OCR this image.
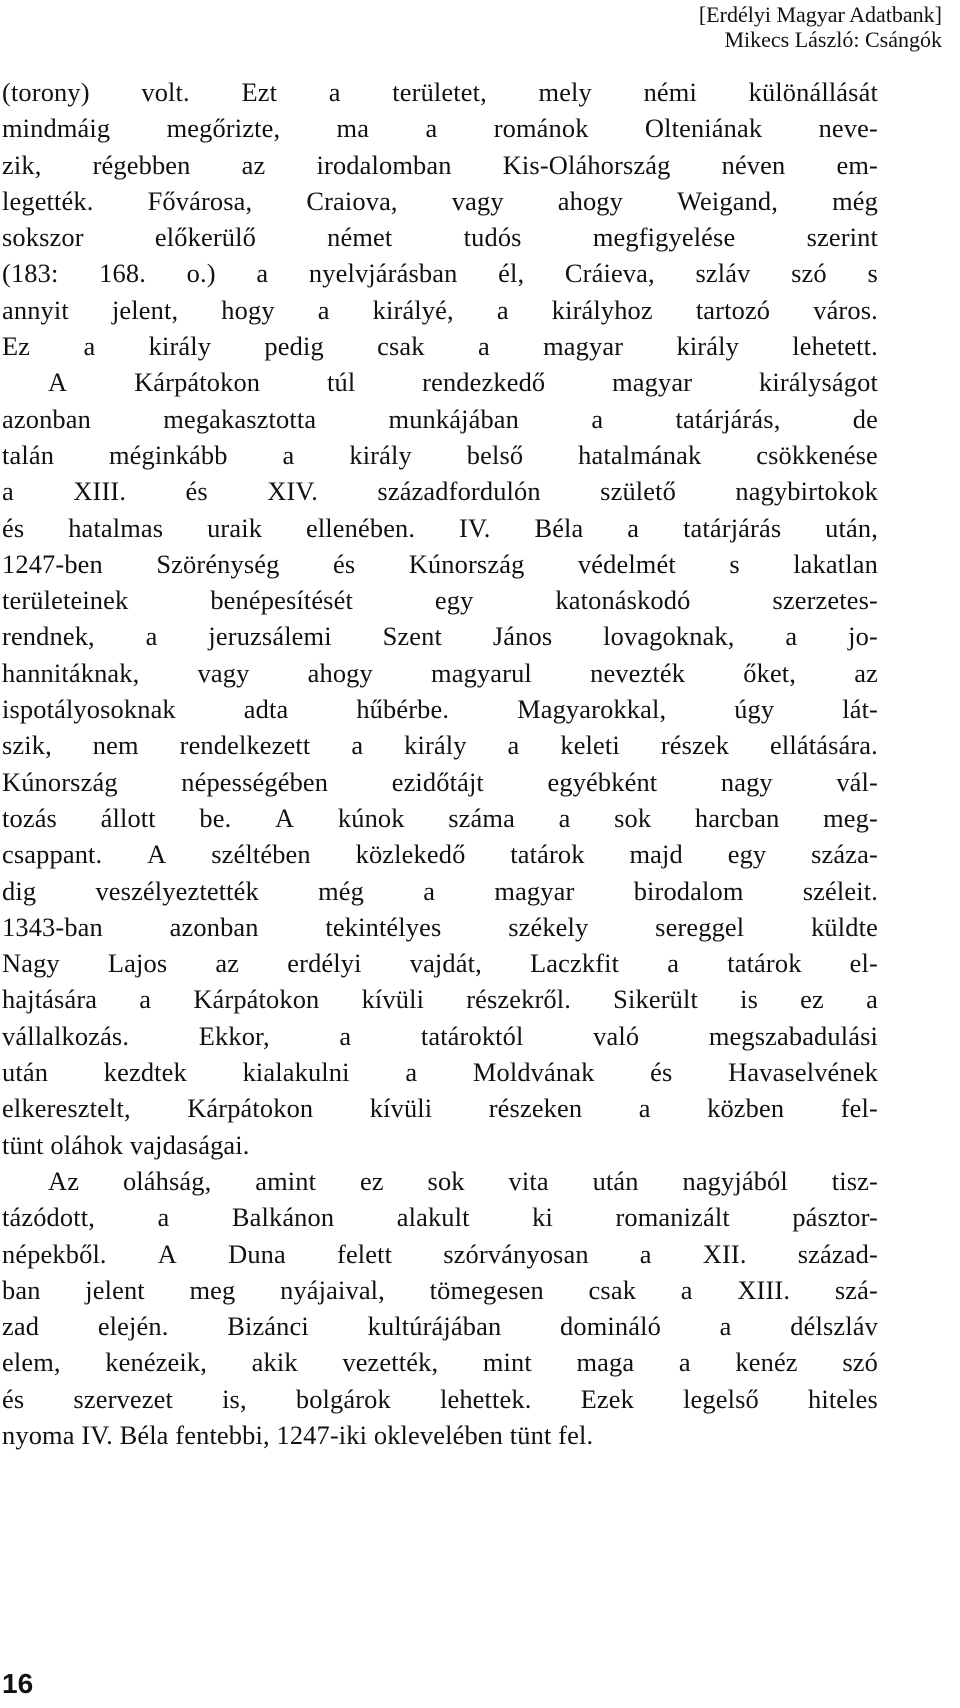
[Erdélyi Magyar Adatbank]
Mikecs László: Csángók
(torony) volt. Ezt a területet, mely némi különállását
mindmáig megőrizte, ma a románok Olteniának neve-
zik, régebben az irodalomban Kis-Oláhország néven em-
legették. Fővárosa, Craiova, vagy ahogy Weigand, még
sokszor	előkerülő	német	tudós	megfigyelése	szerint
(183: 168. o.) a nyelvjárásban él, Cráieva, szláv szó s
annyit jelent, hogy a királyé, a királyhoz tartozó város.
Ez a király pedig csak a magyar király lehetett.
A	Kárpátokon	túl	rendezkedő	magyar	királyságot
azonban	megakasztotta	munkájában	a	tatárjárás,	de
talán méginkább a király belső hatalmának csökkenése
a XIII. és XIV. századfordulón születő nagybirtokok
és hatalmas uraik ellenében. IV. Béla a tatárjárás után,
1247-ben Szörénység és Kúnország védelmét s lakatlan
területeinek	benépesítését	egy	katonáskodó	szerzetes-
rendnek, a jeruzsálemi Szent János lovagoknak, a jo-
hannitáknak, vagy ahogy magyarul nevezték őket, az
ispotályosoknak	adta	hűbérbe.	Magyarokkal,	úgy	lát-
szik, nem rendelkezett a király a keleti részek ellátására.
Kúnország népességében ezidőtájt egyébként nagy vál-
tozás állott be. A kúnok száma a sok harcban meg-
csappant. A széltében közlekedő tatárok majd egy száza-
dig veszélyeztették még a magyar birodalom széleit.
1343-ban	azonban	tekintélyes	székely	sereggel	küldte
Nagy Lajos az erdélyi vajdát, Laczkfit a tatárok el-
hajtására a Kárpátokon kívüli részekről. Sikerült is ez a
vállalkozás.	Ekkor,	a	tatároktól	való	megszabadulási
után kezdtek kialakulni a Moldvának és Havaselvének
elkeresztelt, Kárpátokon kívüli részeken a közben fel-
tünt oláhok vajdaságai.
Az oláhság, amint ez sok vita után nagyjából tisz-
tázódott, a Balkánon alakult ki romanizált pásztor-
népekből. A Duna felett szórványosan a XII. század-
ban jelent meg nyájaival, tömegesen csak a XIII. szá-
zad elején. Bizánci kultúrájában domináló a délszláv
elem, kenézeik, akik vezették, mint maga a kenéz szó
és szervezet is, bolgárok lehettek. Ezek legelső hiteles
nyoma IV. Béla fentebbi, 1247-iki oklevelében tünt fel.
16
